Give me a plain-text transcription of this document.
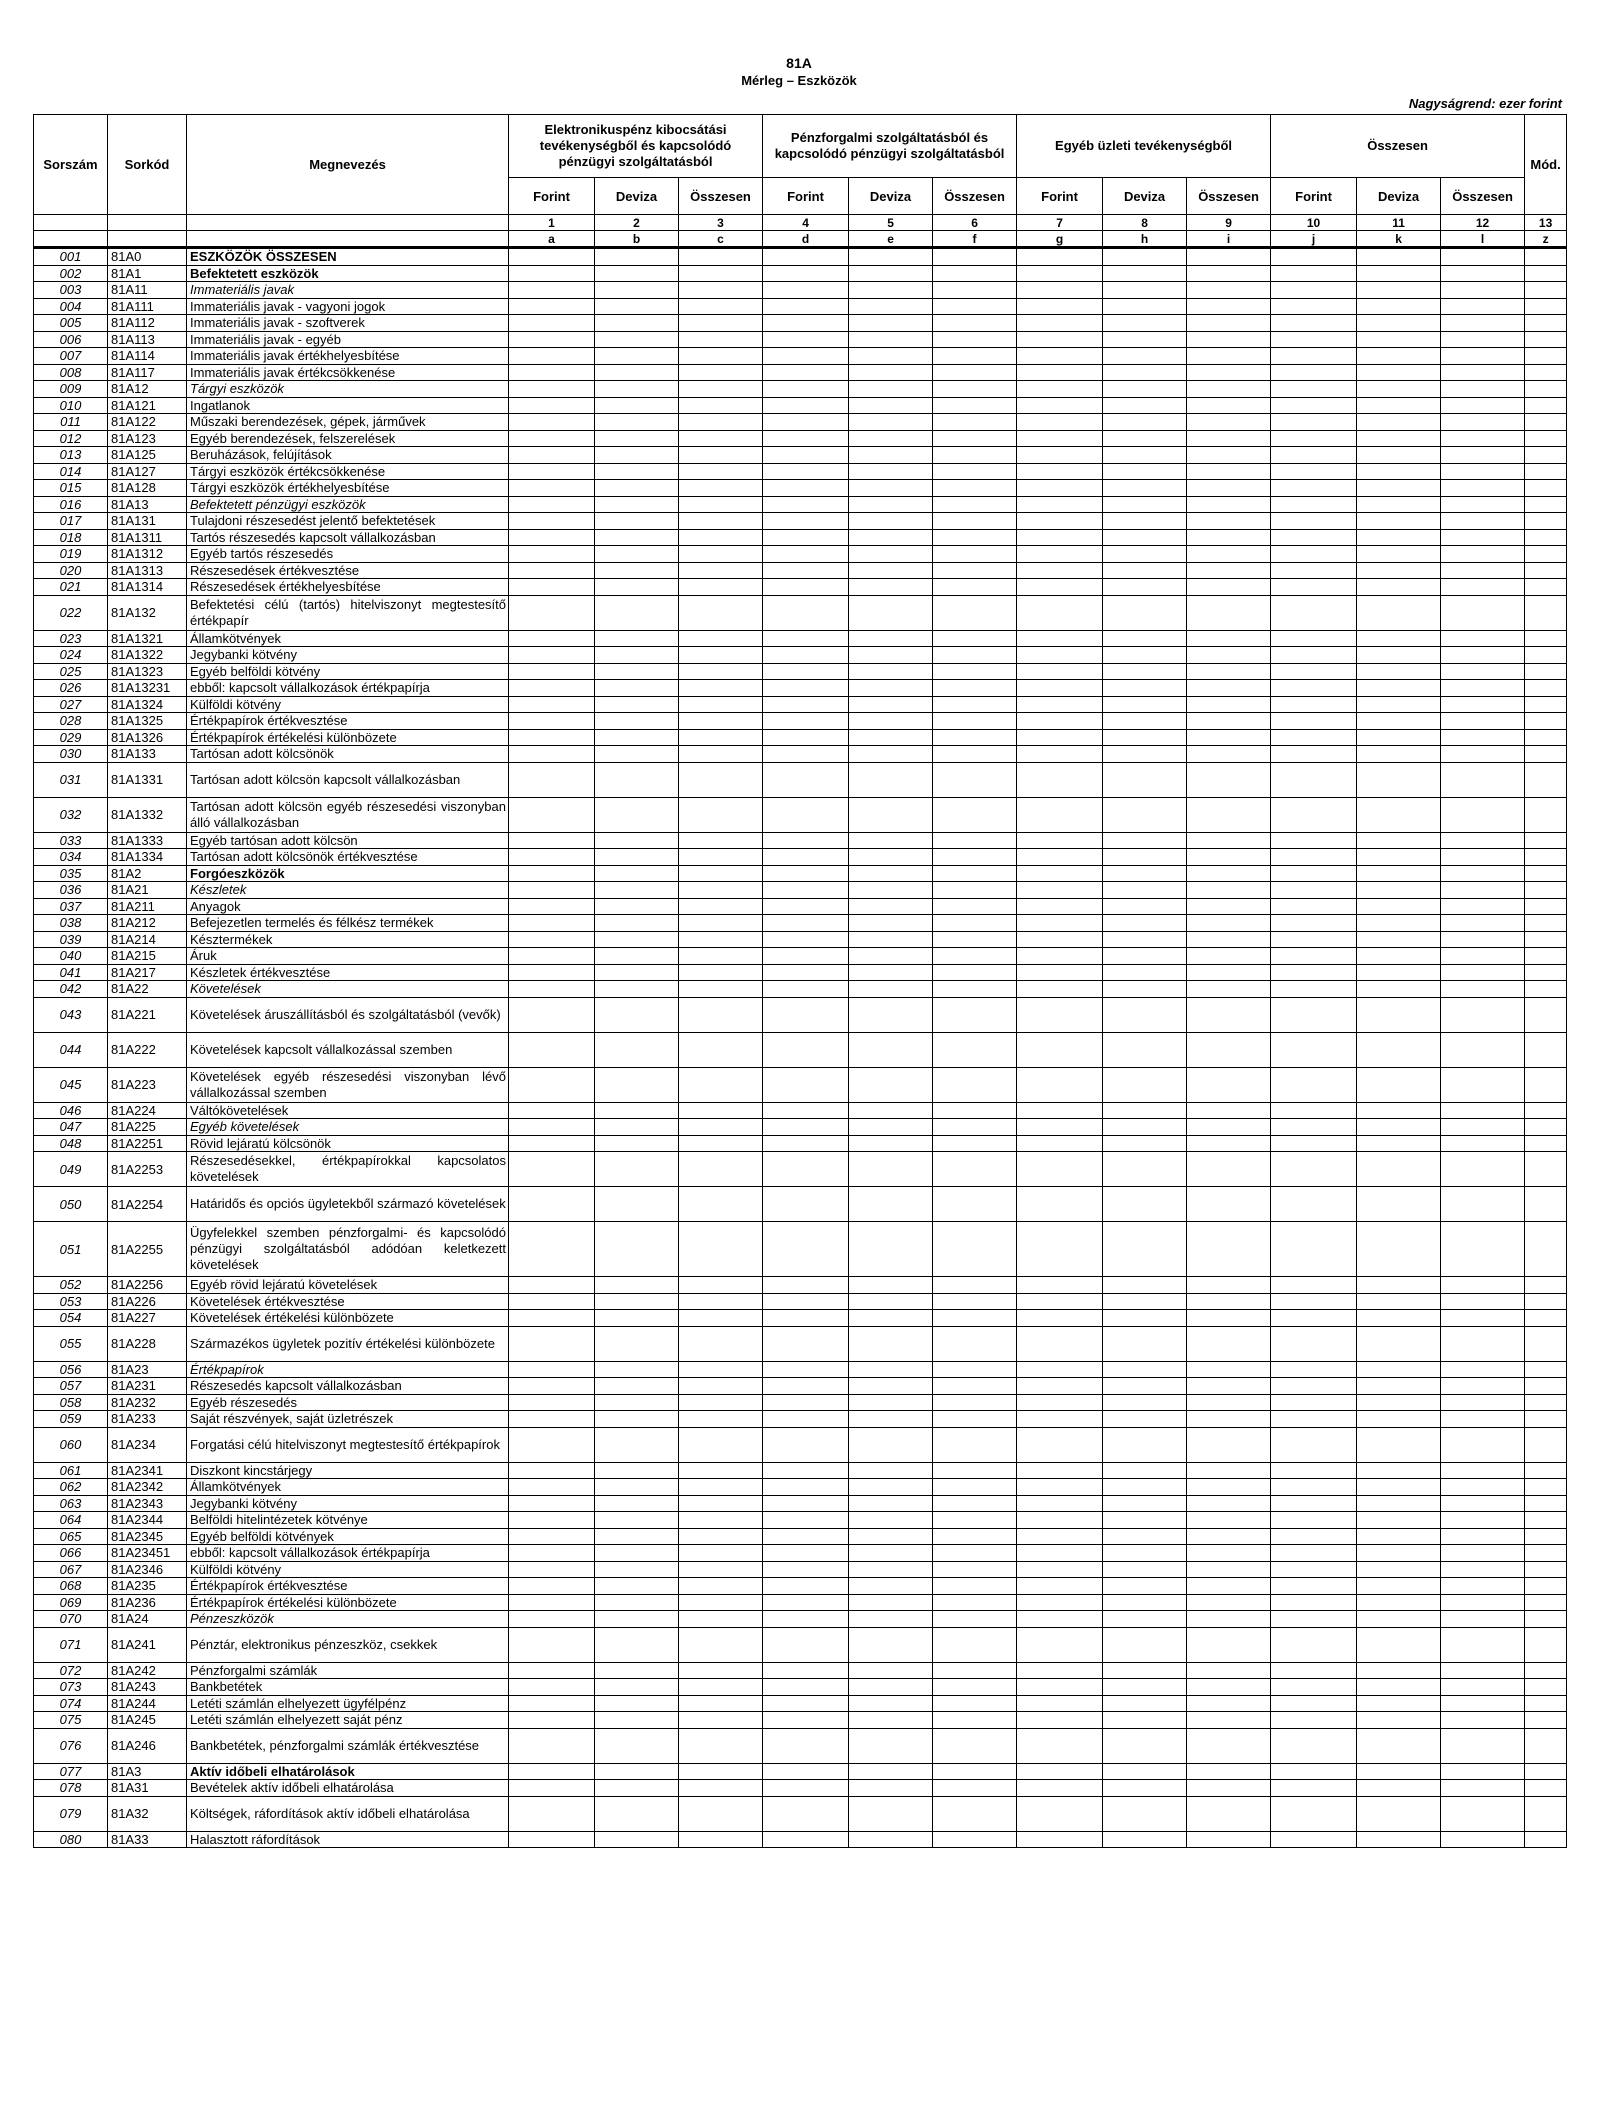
81A
Mérleg – Eszközök
Nagyságrend: ezer forint
Sorszám	Sorkód	Megnevezés	Elektronikuspénz kibocsátási tevékenységből és kapcsolódó pénzügyi szolgáltatásból			Pénzforgalmi szolgáltatásból és kapcsolódó pénzügyi szolgáltatásból			Egyéb üzleti tevékenységből			Összesen			Mód.
			Forint	Deviza	Összesen	Forint	Deviza	Összesen	Forint	Deviza	Összesen	Forint	Deviza	Összesen	
			1	2	3	4	5	6	7	8	9	10	11	12	13
			a	b	c	d	e	f	g	h	i	j	k	l	z
001	81A0	ESZKÖZÖK ÖSSZESEN													
002	81A1	Befektetett eszközök													
003	81A11	Immateriális javak													
004	81A111	Immateriális javak - vagyoni jogok													
005	81A112	Immateriális javak - szoftverek													
006	81A113	Immateriális javak - egyéb													
007	81A114	Immateriális javak értékhelyesbítése													
008	81A117	Immateriális javak értékcsökkenése													
009	81A12	Tárgyi eszközök													
010	81A121	Ingatlanok													
011	81A122	Műszaki berendezések, gépek, járművek													
012	81A123	Egyéb berendezések, felszerelések													
013	81A125	Beruházások, felújítások													
014	81A127	Tárgyi eszközök értékcsökkenése													
015	81A128	Tárgyi eszközök értékhelyesbítése													
016	81A13	Befektetett pénzügyi eszközök													
017	81A131	Tulajdoni részesedést jelentő befektetések													
018	81A1311	Tartós részesedés kapcsolt vállalkozásban													
019	81A1312	Egyéb tartós részesedés													
020	81A1313	Részesedések értékvesztése													
021	81A1314	Részesedések értékhelyesbítése													
022	81A132	Befektetési célú (tartós) hitelviszonyt megtestesítő értékpapír													
023	81A1321	Államkötvények													
024	81A1322	Jegybanki kötvény													
025	81A1323	Egyéb belföldi kötvény													
026	81A13231	ebből: kapcsolt vállalkozások értékpapírja													
027	81A1324	Külföldi kötvény													
028	81A1325	Értékpapírok értékvesztése													
029	81A1326	Értékpapírok értékelési különbözete													
030	81A133	Tartósan adott kölcsönök													
031	81A1331	Tartósan adott kölcsön kapcsolt vállalkozásban													
032	81A1332	Tartósan adott kölcsön egyéb részesedési viszonyban álló vállalkozásban													
033	81A1333	Egyéb tartósan adott kölcsön													
034	81A1334	Tartósan adott kölcsönök értékvesztése													
035	81A2	Forgóeszközök													
036	81A21	Készletek													
037	81A211	Anyagok													
038	81A212	Befejezetlen termelés és félkész termékek													
039	81A214	Késztermékek													
040	81A215	Áruk													
041	81A217	Készletek értékvesztése													
042	81A22	Követelések													
043	81A221	Követelések áruszállításból és szolgáltatásból (vevők)													
044	81A222	Követelések kapcsolt vállalkozással szemben													
045	81A223	Követelések egyéb részesedési viszonyban lévő vállalkozással szemben													
046	81A224	Váltókövetelések													
047	81A225	Egyéb követelések													
048	81A2251	Rövid lejáratú kölcsönök													
049	81A2253	Részesedésekkel, értékpapírokkal kapcsolatos követelések													
050	81A2254	Határidős és opciós ügyletekből származó követelések													
051	81A2255	Ügyfelekkel szemben pénzforgalmi- és kapcsolódó pénzügyi szolgáltatásból adódóan keletkezett követelések													
052	81A2256	Egyéb rövid lejáratú követelések													
053	81A226	Követelések értékvesztése													
054	81A227	Követelések értékelési különbözete													
055	81A228	Származékos ügyletek pozitív értékelési különbözete													
056	81A23	Értékpapírok													
057	81A231	Részesedés kapcsolt vállalkozásban													
058	81A232	Egyéb részesedés													
059	81A233	Saját részvények, saját üzletrészek													
060	81A234	Forgatási célú hitelviszonyt megtestesítő értékpapírok													
061	81A2341	Diszkont kincstárjegy													
062	81A2342	Államkötvények													
063	81A2343	Jegybanki kötvény													
064	81A2344	Belföldi hitelintézetek kötvénye													
065	81A2345	Egyéb belföldi kötvények													
066	81A23451	ebből: kapcsolt vállalkozások értékpapírja													
067	81A2346	Külföldi kötvény													
068	81A235	Értékpapírok értékvesztése													
069	81A236	Értékpapírok értékelési különbözete													
070	81A24	Pénzeszközök													
071	81A241	Pénztár, elektronikus pénzeszköz, csekkek													
072	81A242	Pénzforgalmi számlák													
073	81A243	Bankbetétek													
074	81A244	Letéti számlán elhelyezett ügyfélpénz													
075	81A245	Letéti számlán elhelyezett saját pénz													
076	81A246	Bankbetétek, pénzforgalmi számlák értékvesztése													
077	81A3	Aktív időbeli elhatárolások													
078	81A31	Bevételek aktív időbeli elhatárolása													
079	81A32	Költségek, ráfordítások aktív időbeli elhatárolása													
080	81A33	Halasztott ráfordítások													
